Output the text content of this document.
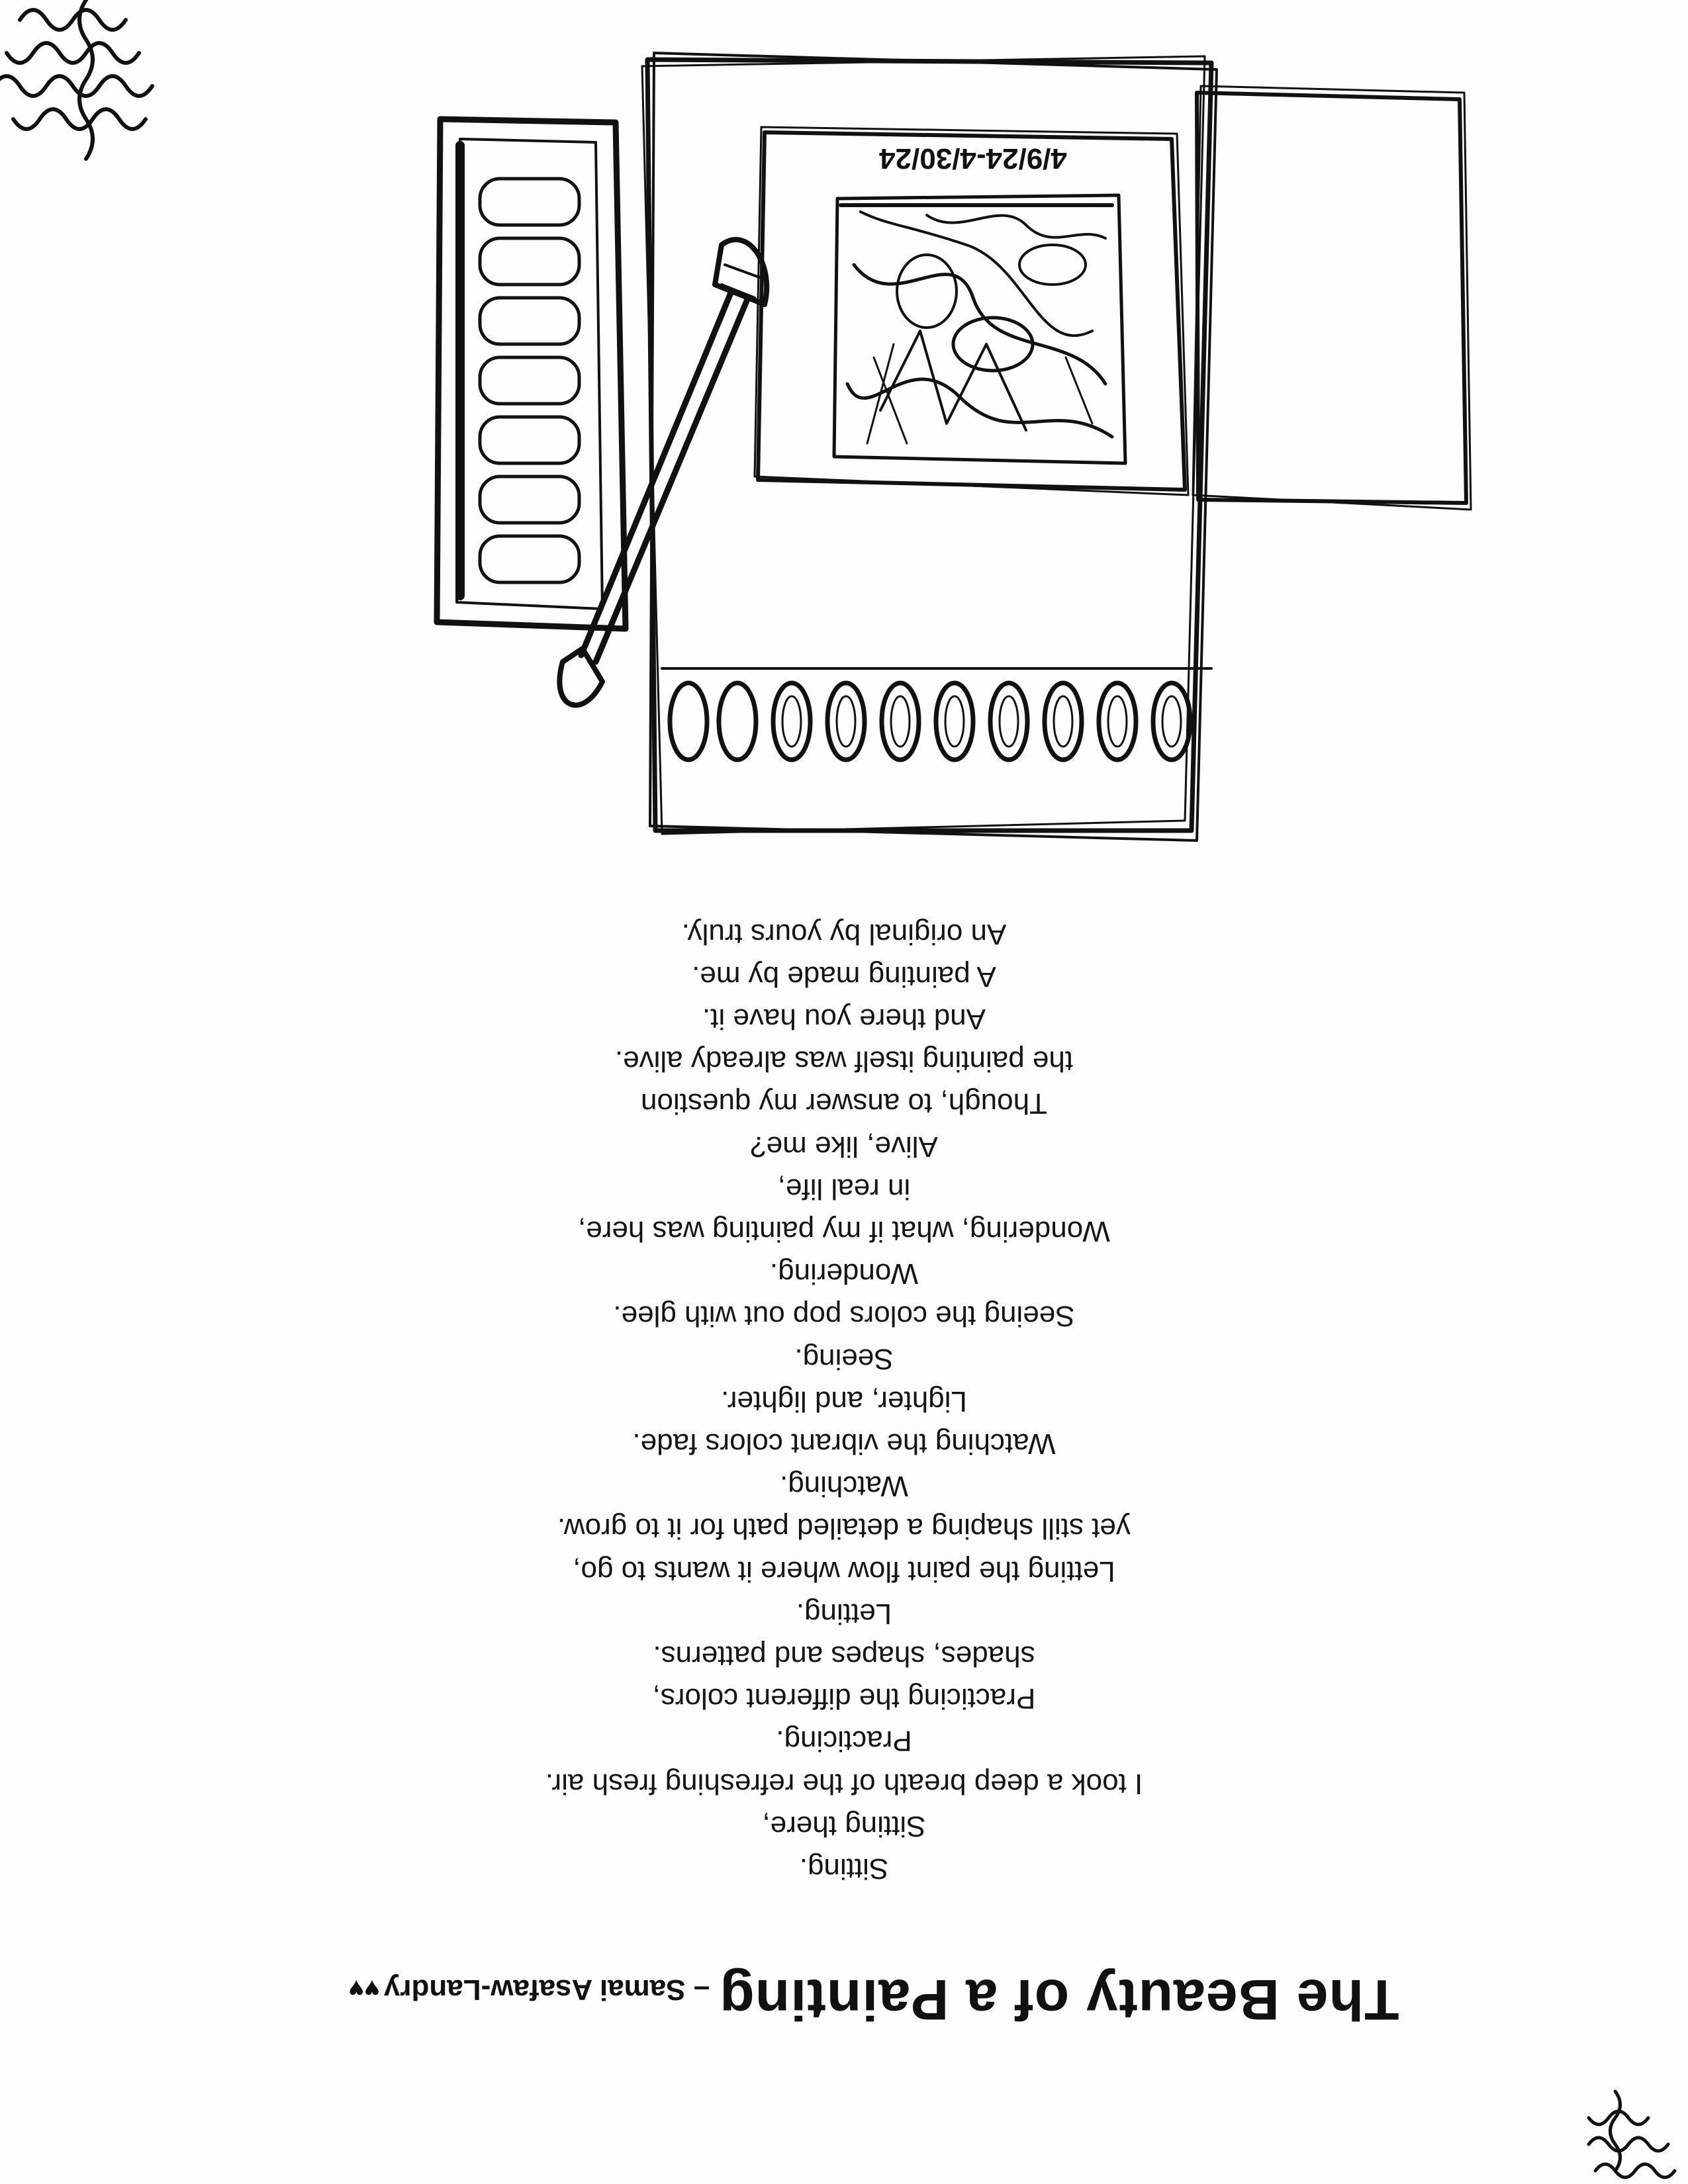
The Beauty of a Painting
– Samai Asafaw-Landry♥♥
Sitting.
Sitting there,
I took a deep breath of the refreshing fresh air.
Practicing.
Practicing the different colors,
shades, shapes and patterns.
Letting.
Letting the paint flow where it wants to go,
yet still shaping a detailed path for it to grow.
Watching.
Watching the vibrant colors fade.
Lighter, and lighter.
Seeing.
Seeing the colors pop out with glee.
Wondering.
Wondering, what if my painting was here,
in real life,
Alive, like me?
Though, to answer my question
the painting itself was already alive.
And there you have it.
A painting made by me.
An original by yours truly.
4/9/24-4/30/24
